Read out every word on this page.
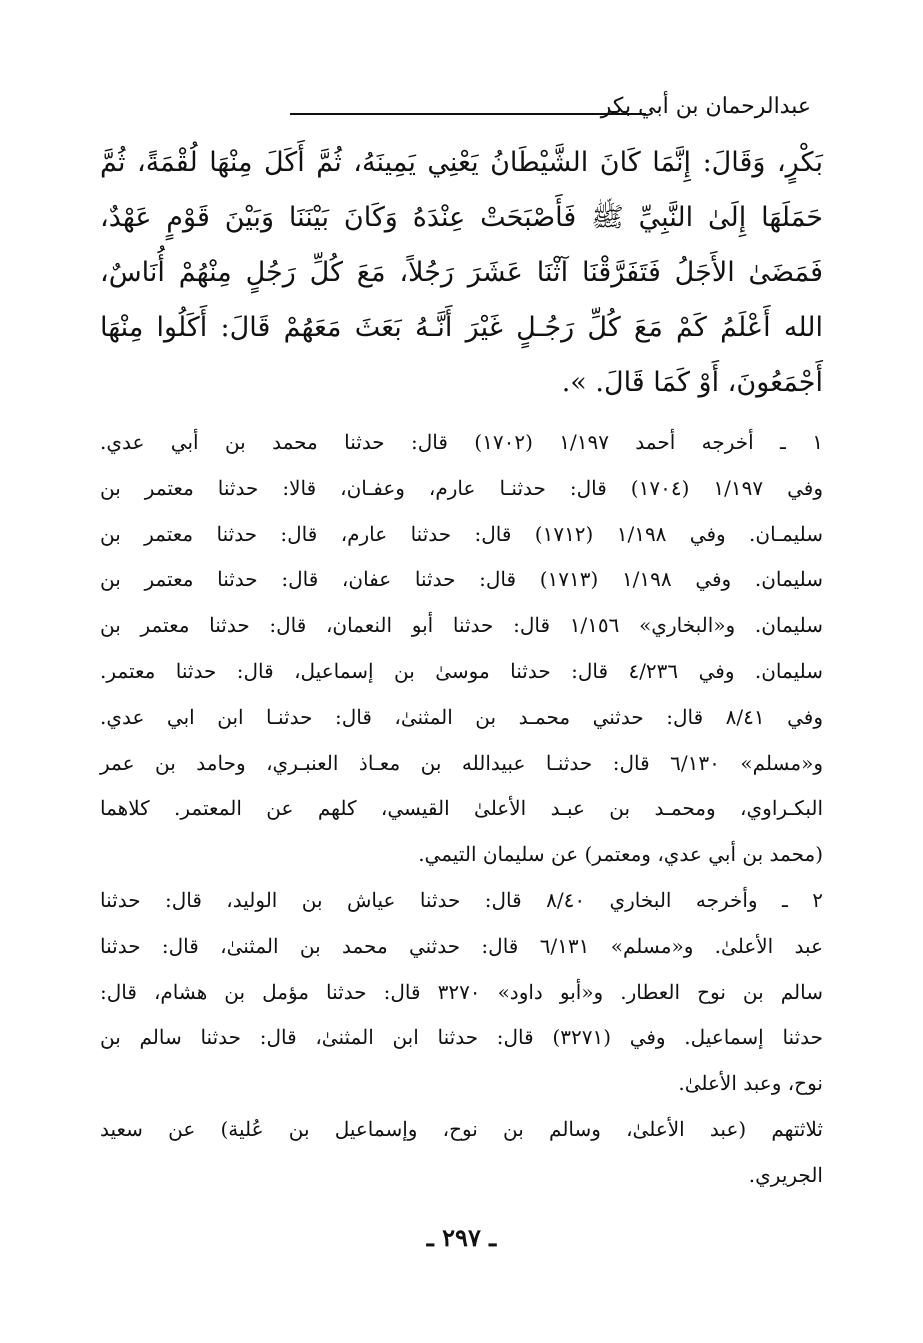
عبدالرحمان بن أبي بكر
بَكْرٍ، وَقَالَ: إِنَّمَا كَانَ الشَّيْطَانُ يَعْنِي يَمِينَهُ، ثُمَّ أَكَلَ مِنْهَا لُقْمَةً، ثُمَّ
حَمَلَهَا إِلَىٰ النَّبِيِّ ﷺ فَأَصْبَحَتْ عِنْدَهُ وَكَانَ بَيْنَنَا وَبَيْنَ قَوْمٍ عَهْدٌ،
فَمَضَىٰ الأَجَلُ فَتَفَرَّقْنَا آثْنَا عَشَرَ رَجُلاً، مَعَ كُلِّ رَجُلٍ مِنْهُمْ أُنَاسٌ،
الله أَعْلَمُ كَمْ مَعَ كُلِّ رَجُـلٍ غَيْرَ أَنَّـهُ بَعَثَ مَعَهُمْ قَالَ: أَكَلُوا مِنْهَا
أَجْمَعُونَ، أَوْ كَمَا قَالَ. ».
١ ـ أخرجه أحمد ١/١٩٧ (١٧٠٢) قال: حدثنا محمد بن أبي عدي.
وفي ١/١٩٧ (١٧٠٤) قال: حدثنـا عارم، وعفـان، قالا: حدثنا معتمر بن
سليمـان. وفي ١/١٩٨ (١٧١٢) قال: حدثنا عارم، قال: حدثنا معتمر بن
سليمان. وفي ١/١٩٨ (١٧١٣) قال: حدثنا عفان، قال: حدثنا معتمر بن
سليمان. و«البخاري» ١/١٥٦ قال: حدثنا أبو النعمان، قال: حدثنا معتمر بن
سليمان. وفي ٤/٢٣٦ قال: حدثنا موسىٰ بن إسماعيل، قال: حدثنا معتمر.
وفي ٨/٤١ قال: حدثني محمـد بن المثنىٰ، قال: حدثنـا ابن ابي عدي.
و«مسلم» ٦/١٣٠ قال: حدثنـا عبيدالله بن معـاذ العنبـري، وحامد بن عمر
البكـراوي، ومحمـد بن عبـد الأعلىٰ القيسي، كلهم عن المعتمر. كلاهما
(محمد بن أبي عدي، ومعتمر) عن سليمان التيمي.
٢ ـ وأخرجه البخاري ٨/٤٠ قال: حدثنا عياش بن الوليد، قال: حدثنا
عبد الأعلىٰ. و«مسلم» ٦/١٣١ قال: حدثني محمد بن المثنىٰ، قال: حدثنا
سالم بن نوح العطار. و«أبو داود» ٣٢٧٠ قال: حدثنا مؤمل بن هشام، قال:
حدثنا إسماعيل. وفي (٣٢٧١) قال: حدثنا ابن المثنىٰ، قال: حدثنا سالم بن
نوح، وعبد الأعلىٰ.
ثلاثتهم (عبد الأعلىٰ، وسالم بن نوح، وإسماعيل بن عُلية) عن سعيد
الجريري.
ـ ٢٩٧ ـ
